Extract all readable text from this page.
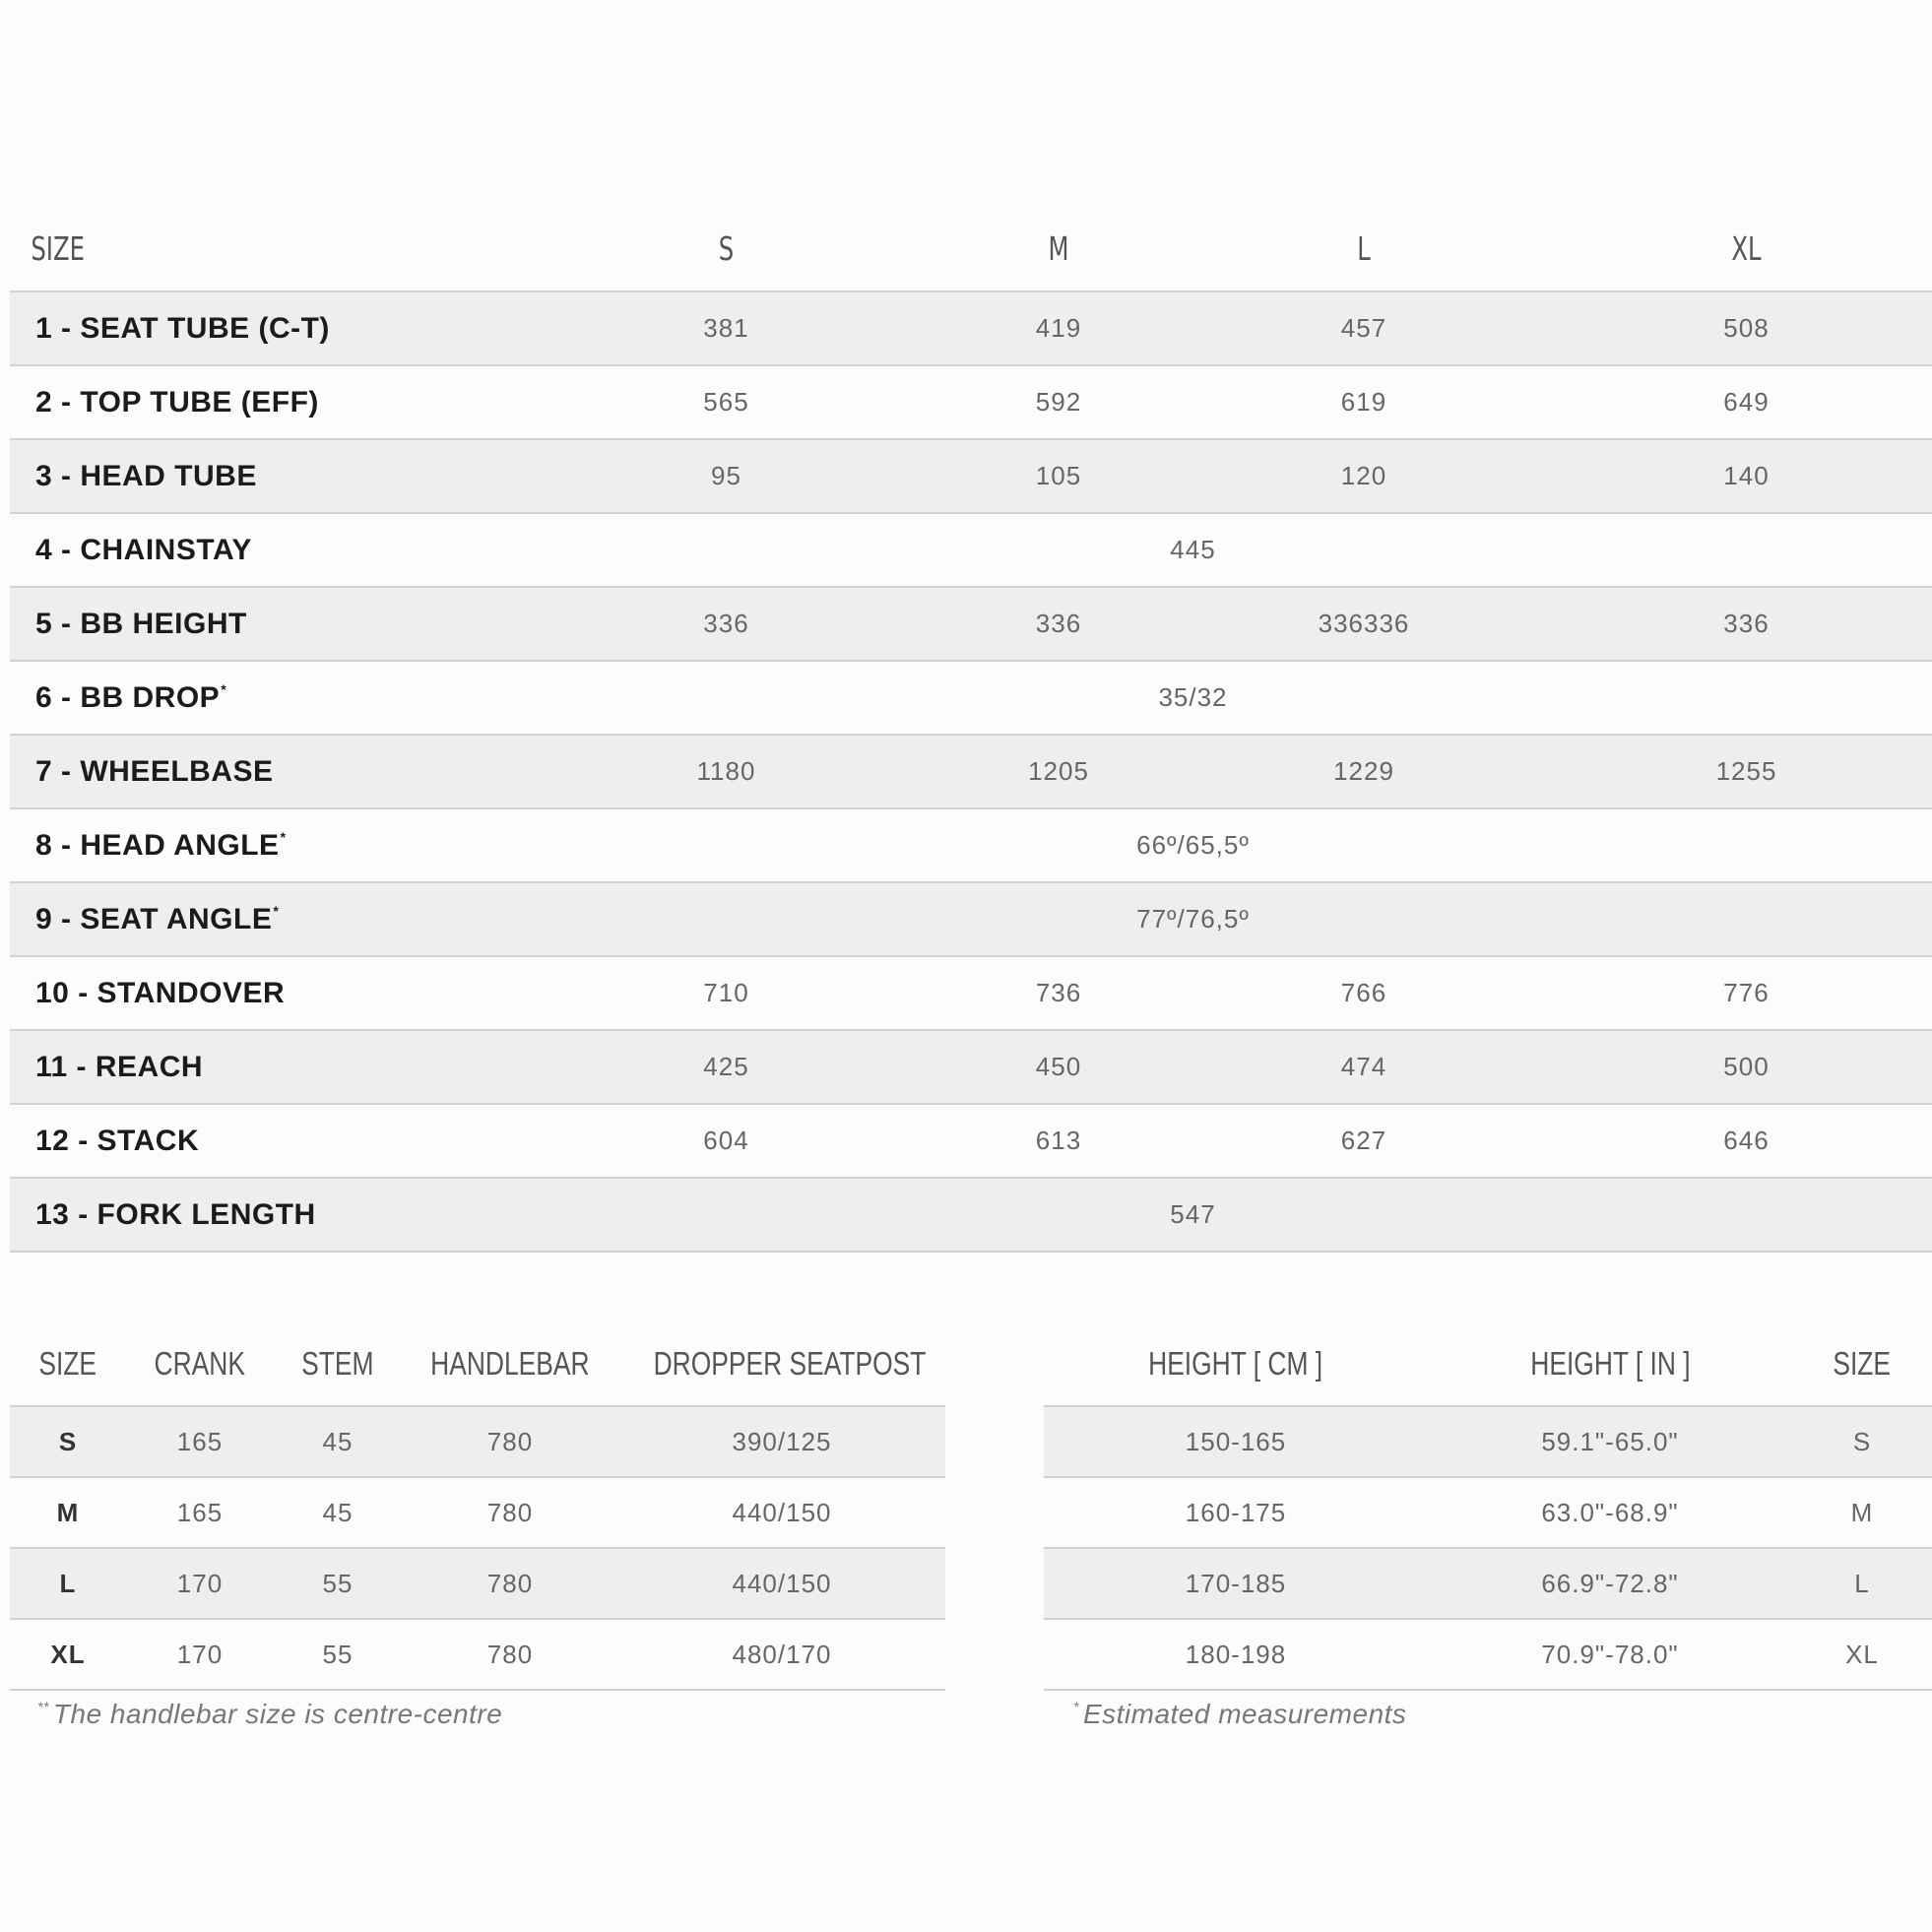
SIZE	S	M	L	XL
1 - SEAT TUBE (C-T)	381	419	457	508
2 - TOP TUBE (EFF)	565	592	619	649
3 - HEAD TUBE	95	105	120	140
4 - CHAINSTAY	445			
5 - BB HEIGHT	336	336	336336	336
6 - BB DROP*	35/32			
7 - WHEELBASE	1180	1205	1229	1255
8 - HEAD ANGLE*	66º/65,5º			
9 - SEAT ANGLE*	77º/76,5º			
10 - STANDOVER	710	736	766	776
11 - REACH	425	450	474	500
12 - STACK	604	613	627	646
13 - FORK LENGTH	547			
SIZE	CRANK	STEM	HANDLEBAR	DROPPER SEATPOST
S	165	45	780	390/125
M	165	45	780	440/150
L	170	55	780	440/150
XL	170	55	780	480/170
HEIGHT [ CM ]	HEIGHT [ IN ]	SIZE
150-165	59.1"-65.0"	S
160-175	63.0"-68.9"	M
170-185	66.9"-72.8"	L
180-198	70.9"-78.0"	XL
** The handlebar size is centre-centre	* Estimated measurements
